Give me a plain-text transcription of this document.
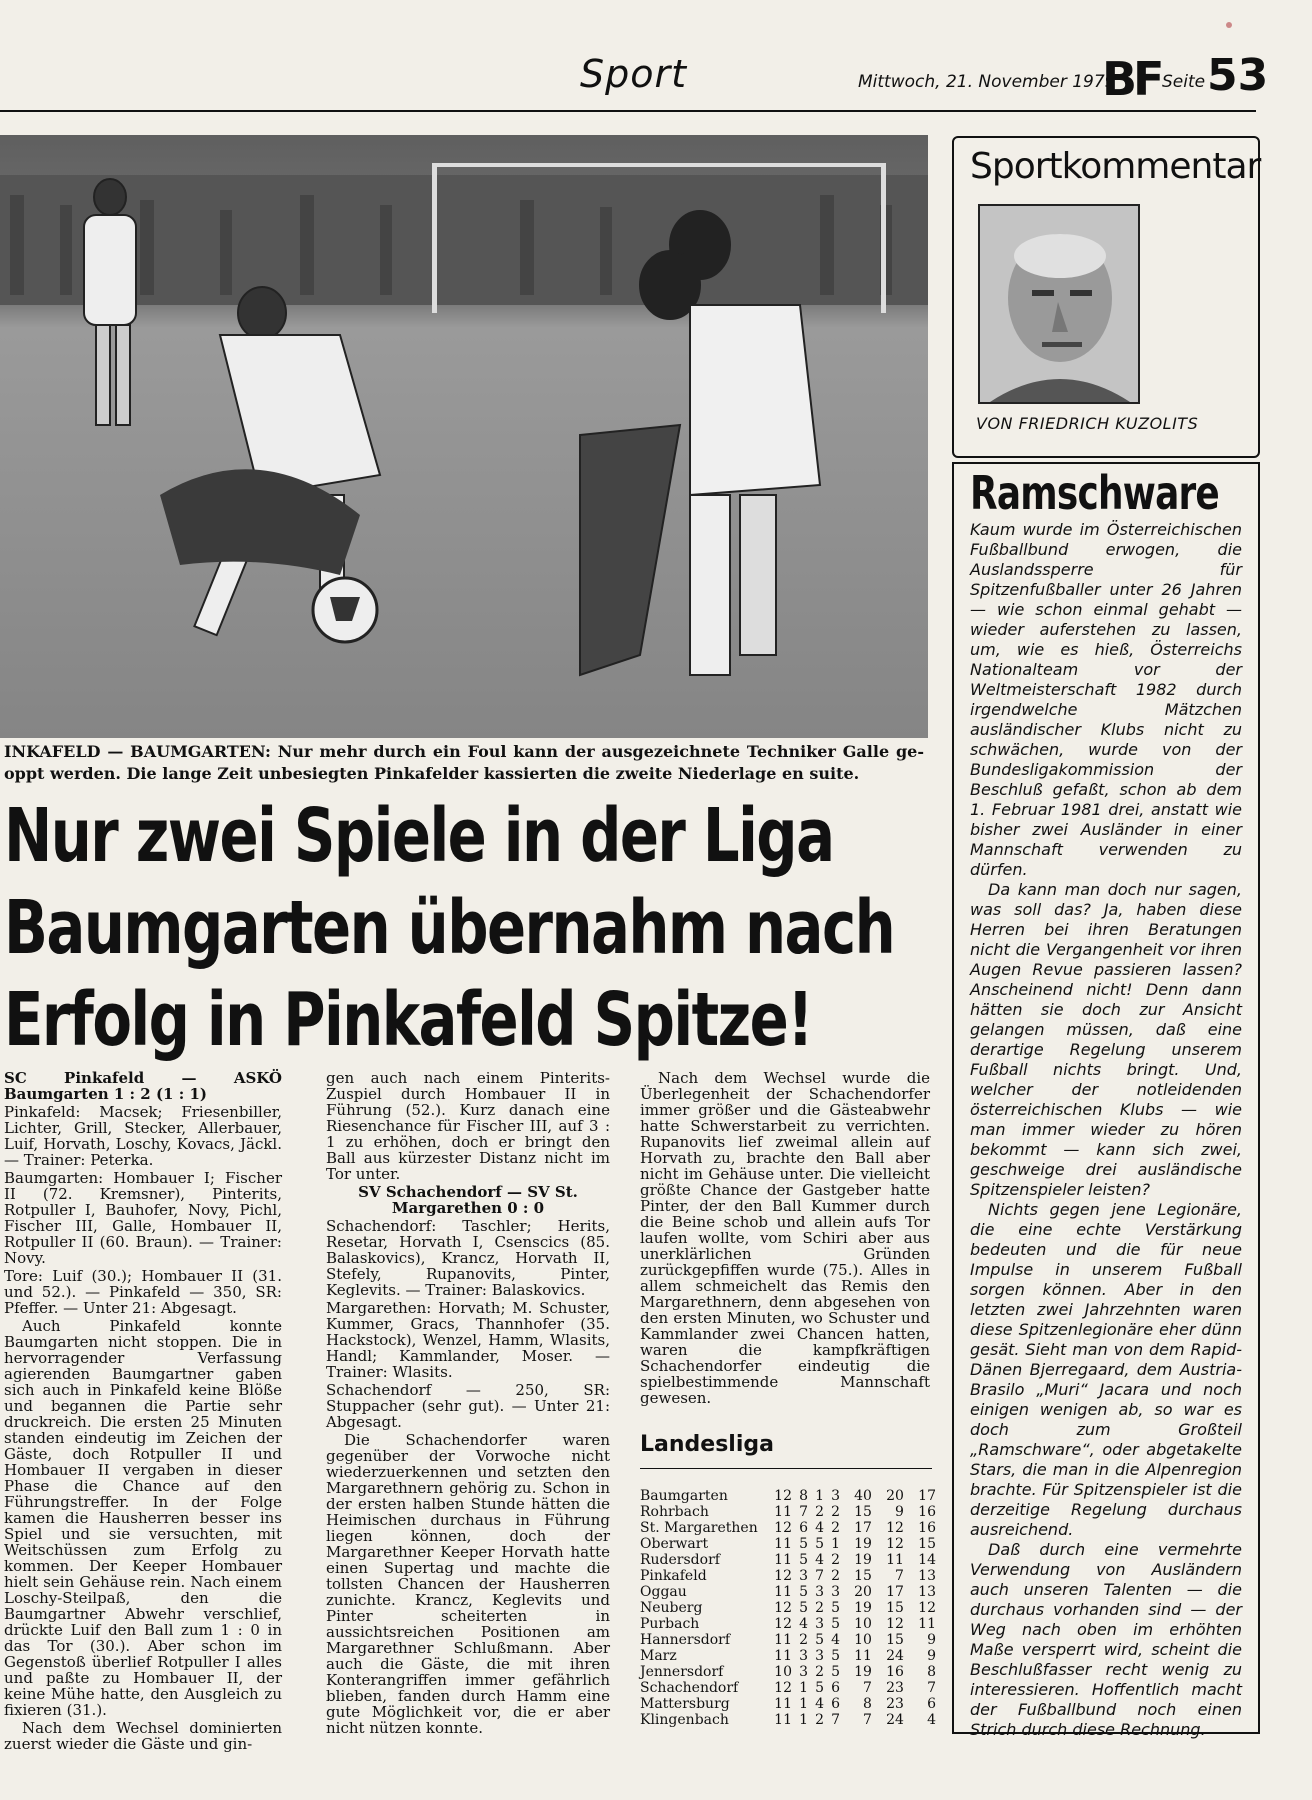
Sport	Mittwoch, 21. November 1979
BF Seite 53
INKAFELD — BAUMGARTEN: Nur mehr durch ein Foul kann der ausgezeichnete Techniker Galle ge-oppt werden. Die lange Zeit unbesiegten Pinkafelder kassierten die zweite Niederlage en suite.
Nur zwei Spiele in der Liga
Baumgarten übernahm nach
Erfolg in Pinkafeld Spitze!

SC Pinkafeld — ASKÖ Baumgarten 1 : 2 (1 : 1)

Pinkafeld: Macsek; Friesenbiller, Lichter, Grill, Stecker, Allerbauer, Luif, Horvath, Loschy, Kovacs, Jäckl. — Trainer: Peterka.

Baumgarten: Hombauer I; Fischer II (72. Kremsner), Pinterits, Rotpuller I, Bauhofer, Novy, Pichl, Fischer III, Galle, Hombauer II, Rotpuller II (60. Braun). — Trainer: Novy.

Tore: Luif (30.); Hombauer II (31. und 52.). — Pinkafeld — 350, SR: Pfeffer. — Unter 21: Abgesagt.

Auch Pinkafeld konnte Baumgarten nicht stoppen. Die in hervorragender Verfassung agierenden Baumgartner gaben sich auch in Pinkafeld keine Blöße und begannen die Partie sehr druckreich. Die ersten 25 Minuten standen eindeutig im Zeichen der Gäste, doch Rotpuller II und Hombauer II vergaben in dieser Phase die Chance auf den Führungstreffer. In der Folge kamen die Hausherren besser ins Spiel und sie versuchten, mit Weitschüssen zum Erfolg zu kommen. Der Keeper Hombauer hielt sein Gehäuse rein. Nach einem Loschy-Steilpaß, den die Baumgartner Abwehr verschlief, drückte Luif den Ball zum 1 : 0 in das Tor (30.). Aber schon im Gegenstoß überlief Rotpuller I alles und paßte zu Hombauer II, der keine Mühe hatte, den Ausgleich zu fixieren (31.).

Nach dem Wechsel dominierten zuerst wieder die Gäste und gin-

gen auch nach einem Pinterits-Zuspiel durch Hombauer II in Führung (52.). Kurz danach eine Riesenchance für Fischer III, auf 3 : 1 zu erhöhen, doch er bringt den Ball aus kürzester Distanz nicht im Tor unter.

SV Schachendorf — SV St. Margarethen 0 : 0

Schachendorf: Taschler; Herits, Resetar, Horvath I, Csenscics (85. Balaskovics), Krancz, Horvath II, Stefely, Rupanovits, Pinter, Keglevits. — Trainer: Balaskovics.

Margarethen: Horvath; M. Schuster, Kummer, Gracs, Thannhofer (35. Hackstock), Wenzel, Hamm, Wlasits, Handl; Kammlander, Moser. — Trainer: Wlasits.

Schachendorf — 250, SR: Stuppacher (sehr gut). — Unter 21: Abgesagt.

Die Schachendorfer waren gegenüber der Vorwoche nicht wiederzuerkennen und setzten den Margarethnern gehörig zu. Schon in der ersten halben Stunde hätten die Heimischen durchaus in Führung liegen können, doch der Margarethner Keeper Horvath hatte einen Supertag und machte die tollsten Chancen der Hausherren zunichte. Krancz, Keglevits und Pinter scheiterten in aussichtsreichen Positionen am Margarethner Schlußmann. Aber auch die Gäste, die mit ihren Konterangriffen immer gefährlich blieben, fanden durch Hamm eine gute Möglichkeit vor, die er aber nicht nützen konnte.

Nach dem Wechsel wurde die Überlegenheit der Schachendorfer immer größer und die Gästeabwehr hatte Schwerstarbeit zu verrichten. Rupanovits lief zweimal allein auf Horvath zu, brachte den Ball aber nicht im Gehäuse unter. Die vielleicht größte Chance der Gastgeber hatte Pinter, der den Ball Kummer durch die Beine schob und allein aufs Tor laufen wollte, vom Schiri aber aus unerklärlichen Gründen zurückgepfiffen wurde (75.). Alles in allem schmeichelt das Remis den Margarethnern, denn abgesehen von den ersten Minuten, wo Schuster und Kammlander zwei Chancen hatten, waren die kampfkräftigen Schachendorfer eindeutig die spielbestimmende Mannschaft gewesen.

Landesliga
Baumgarten	12	8	1	3	40	20	17
Rohrbach	11	7	2	2	15	9	16
St. Margarethen	12	6	4	2	17	12	16
Oberwart	11	5	5	1	19	12	15
Rudersdorf	11	5	4	2	19	11	14
Pinkafeld	12	3	7	2	15	7	13
Oggau	11	5	3	3	20	17	13
Neuberg	12	5	2	5	19	15	12
Purbach	12	4	3	5	10	12	11
Hannersdorf	11	2	5	4	10	15	9
Marz	11	3	3	5	11	24	9
Jennersdorf	10	3	2	5	19	16	8
Schachendorf	12	1	5	6	7	23	7
Mattersburg	11	1	4	6	8	23	6
Klingenbach	11	1	2	7	7	24	4
Sportkommentar
VON FRIEDRICH KUZOLITS
Ramschware

Kaum wurde im Österreichischen Fußballbund erwogen, die Auslandssperre für Spitzenfußballer unter 26 Jahren — wie schon einmal gehabt — wieder auferstehen zu lassen, um, wie es hieß, Österreichs Nationalteam vor der Weltmeisterschaft 1982 durch irgendwelche Mätzchen ausländischer Klubs nicht zu schwächen, wurde von der Bundesligakommission der Beschluß gefaßt, schon ab dem 1. Februar 1981 drei, anstatt wie bisher zwei Ausländer in einer Mannschaft verwenden zu dürfen.

Da kann man doch nur sagen, was soll das? Ja, haben diese Herren bei ihren Beratungen nicht die Vergangenheit vor ihren Augen Revue passieren lassen? Anscheinend nicht! Denn dann hätten sie doch zur Ansicht gelangen müssen, daß eine derartige Regelung unserem Fußball nichts bringt. Und, welcher der notleidenden österreichischen Klubs — wie man immer wieder zu hören bekommt — kann sich zwei, geschweige drei ausländische Spitzenspieler leisten?

Nichts gegen jene Legionäre, die eine echte Verstärkung bedeuten und die für neue Impulse in unserem Fußball sorgen können. Aber in den letzten zwei Jahrzehnten waren diese Spitzenlegionäre eher dünn gesät. Sieht man von dem Rapid-Dänen Bjerregaard, dem Austria-Brasilo „Muri“ Jacara und noch einigen wenigen ab, so war es doch zum Großteil „Ramschware“, oder abgetakelte Stars, die man in die Alpenregion brachte. Für Spitzenspieler ist die derzeitige Regelung durchaus ausreichend.

Daß durch eine vermehrte Verwendung von Ausländern auch unseren Talenten — die durchaus vorhanden sind — der Weg nach oben im erhöhten Maße versperrt wird, scheint die Beschlußfasser recht wenig zu interessieren. Hoffentlich macht der Fußballbund noch einen Strich durch diese Rechnung.
